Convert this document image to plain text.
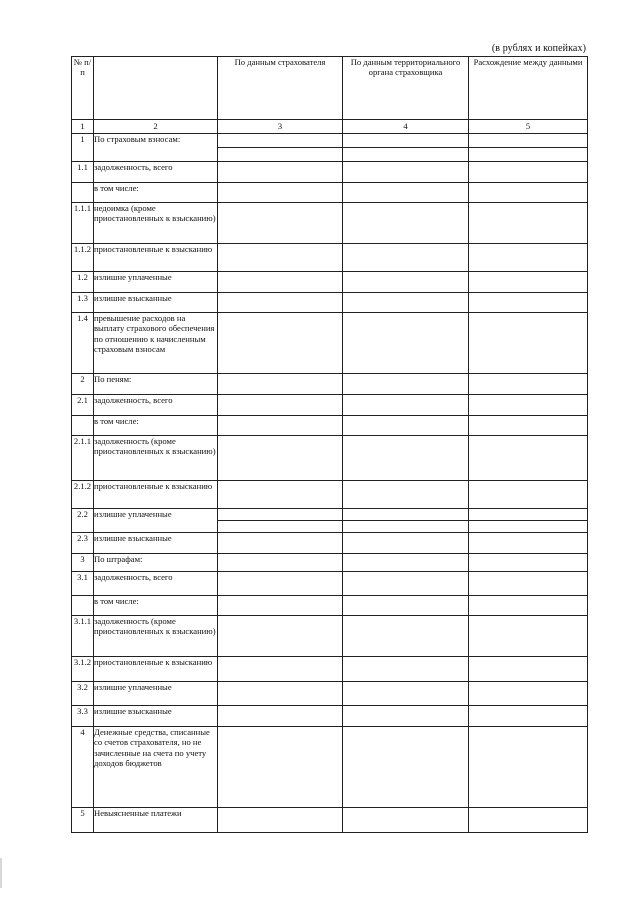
(в рублях и копейках)
№ п/п		По данным страхователя	По данным территориального органа страховщика	Расхождение между данными
1	2	3	4	5
1	По страховым взносам:	

1.1	задолженность, всего			
	в том числе:			
1.1.1	недоимка (кроме приостановленных к взысканию)			
1.1.2	приостановленные к взысканию			
1.2	излишне уплаченные			
1.3	излишне взысканные			
1.4	превышение расходов на выплату страхового обеспечения по отношению к начисленным страховым взносам			
2	По пеням:			
2.1	задолженность, всего			
	в том числе:			
2.1.1	задолженность (кроме приостановленных к взысканию)			
2.1.2	приостановленные к взысканию			
2.2	излишне уплаченные	

2.3	излишне взысканные			
3	По штрафам:			
3.1	задолженность, всего			
	в том числе:			
3.1.1	задолженность (кроме приостановленных к взысканию)			
3.1.2	приостановленные к взысканию			
3.2	излишне уплаченные			
3.3	излишне взысканные			
4	Денежные средства, списанные со счетов страхователя, но не зачисленные на счета по учету доходов бюджетов			
5	Невыясненные платежи			
